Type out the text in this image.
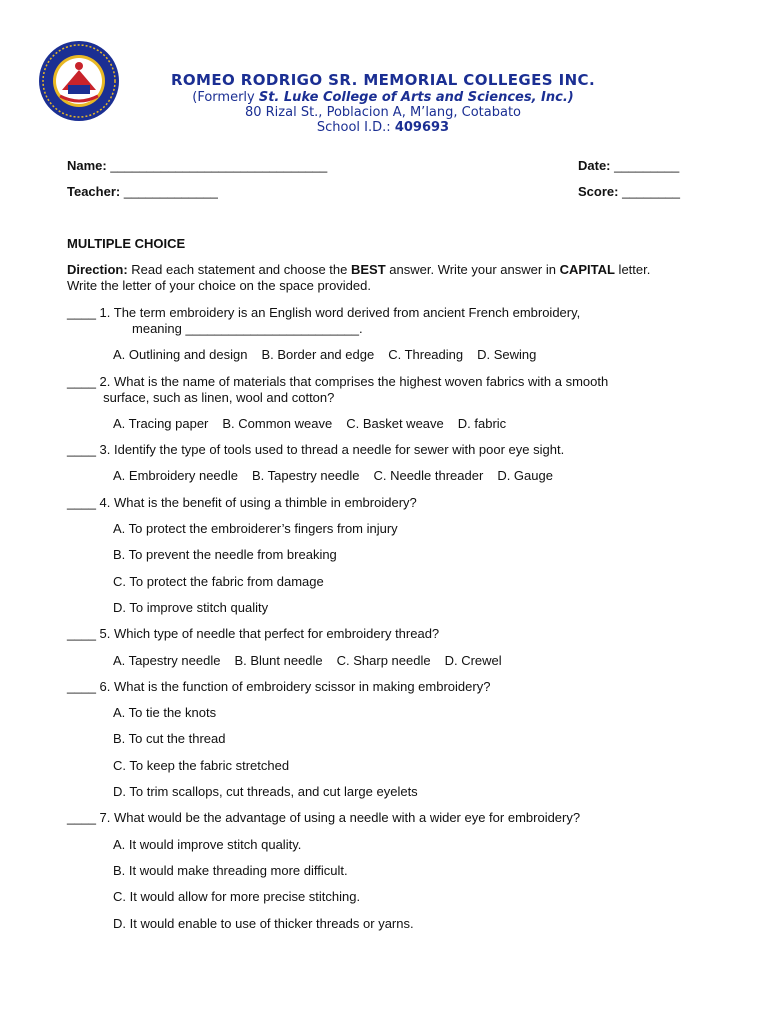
ROMEO RODRIGO SR. MEMORIAL COLLEGES INC.
(Formerly St. Luke College of Arts and Sciences, Inc.)
80 Rizal St., Poblacion A, M’lang, Cotabato
School I.D.: 409693
Name: ______________________________	Date: _________
Teacher: _____________	Score: ________
MULTIPLE CHOICE
Direction: Read each statement and choose the BEST answer. Write your answer in CAPITAL letter. Write the letter of your choice on the space provided.
____ 1. The term embroidery is an English word derived from ancient French embroidery,
meaning ________________________.
A. Outlining and design B. Border and edge C. Threading D. Sewing
____ 2. What is the name of materials that comprises the highest woven fabrics with a smooth
surface, such as linen, wool and cotton?
A. Tracing paper B. Common weave C. Basket weave D. fabric
____ 3. Identify the type of tools used to thread a needle for sewer with poor eye sight.
A. Embroidery needle B. Tapestry needle C. Needle threader D. Gauge
____ 4. What is the benefit of using a thimble in embroidery?
A. To protect the embroiderer’s fingers from injury
B. To prevent the needle from breaking
C. To protect the fabric from damage
D. To improve stitch quality
____ 5. Which type of needle that perfect for embroidery thread?
A. Tapestry needle B. Blunt needle C. Sharp needle D. Crewel
____ 6. What is the function of embroidery scissor in making embroidery?
A. To tie the knots
B. To cut the thread
C. To keep the fabric stretched
D. To trim scallops, cut threads, and cut large eyelets
____ 7. What would be the advantage of using a needle with a wider eye for embroidery?
A. It would improve stitch quality.
B. It would make threading more difficult.
C. It would allow for more precise stitching.
D. It would enable to use of thicker threads or yarns.
